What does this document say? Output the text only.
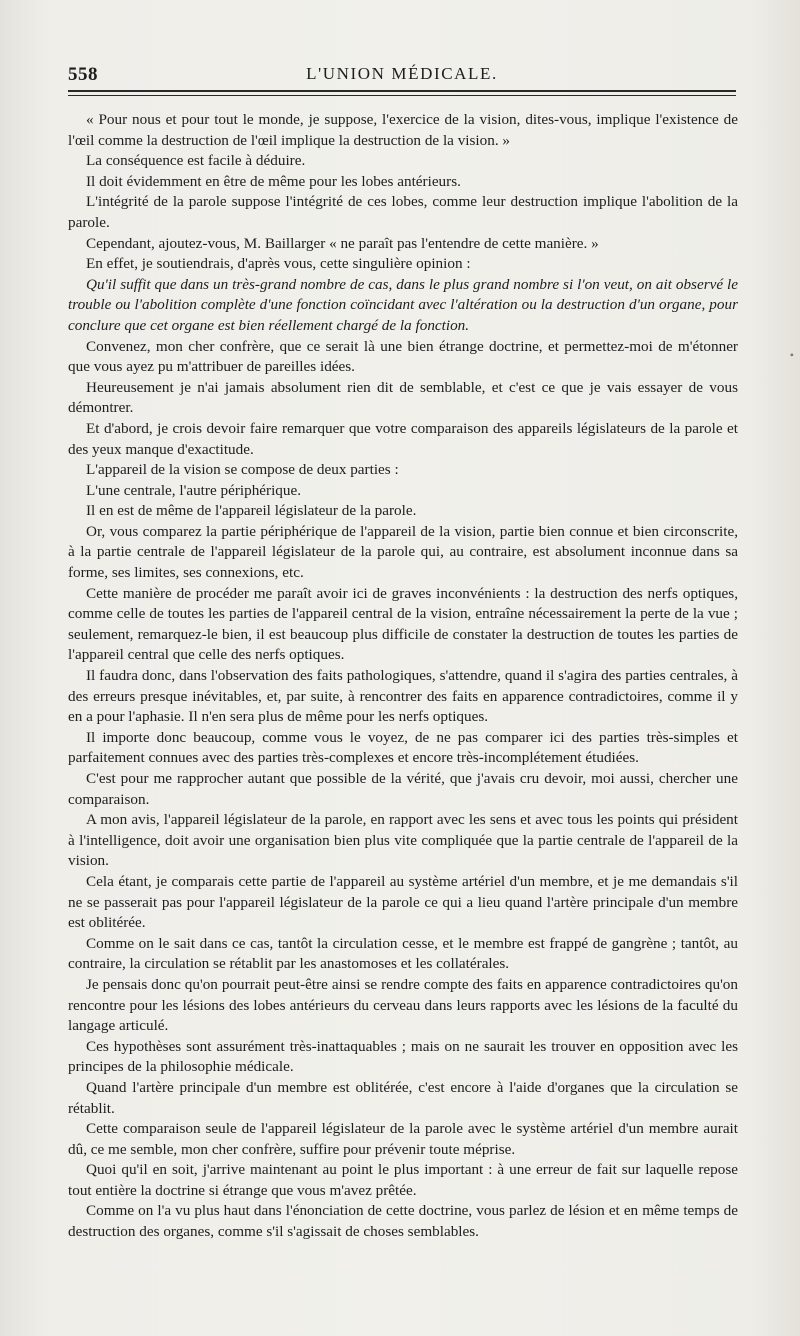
558	L'UNION MÉDICALE.

« Pour nous et pour tout le monde, je suppose, l'exercice de la vision, dites-vous, implique l'existence de l'œil comme la destruction de l'œil implique la destruction de la vision. »

La conséquence est facile à déduire.

Il doit évidemment en être de même pour les lobes antérieurs.

L'intégrité de la parole suppose l'intégrité de ces lobes, comme leur destruction implique l'abolition de la parole.

Cependant, ajoutez-vous, M. Baillarger « ne paraît pas l'entendre de cette manière. »

En effet, je soutiendrais, d'après vous, cette singulière opinion :

Qu'il suffit que dans un très-grand nombre de cas, dans le plus grand nombre si l'on veut, on ait observé le trouble ou l'abolition complète d'une fonction coïncidant avec l'altération ou la destruction d'un organe, pour conclure que cet organe est bien réellement chargé de la fonction.

Convenez, mon cher confrère, que ce serait là une bien étrange doctrine, et permettez-moi de m'étonner que vous ayez pu m'attribuer de pareilles idées.

Heureusement je n'ai jamais absolument rien dit de semblable, et c'est ce que je vais essayer de vous démontrer.

Et d'abord, je crois devoir faire remarquer que votre comparaison des appareils législateurs de la parole et des yeux manque d'exactitude.

L'appareil de la vision se compose de deux parties :

L'une centrale, l'autre périphérique.

Il en est de même de l'appareil législateur de la parole.

Or, vous comparez la partie périphérique de l'appareil de la vision, partie bien connue et bien circonscrite, à la partie centrale de l'appareil législateur de la parole qui, au contraire, est absolument inconnue dans sa forme, ses limites, ses connexions, etc.

Cette manière de procéder me paraît avoir ici de graves inconvénients : la destruction des nerfs optiques, comme celle de toutes les parties de l'appareil central de la vision, entraîne nécessairement la perte de la vue ; seulement, remarquez-le bien, il est beaucoup plus difficile de constater la destruction de toutes les parties de l'appareil central que celle des nerfs optiques.

Il faudra donc, dans l'observation des faits pathologiques, s'attendre, quand il s'agira des parties centrales, à des erreurs presque inévitables, et, par suite, à rencontrer des faits en apparence contradictoires, comme il y en a pour l'aphasie. Il n'en sera plus de même pour les nerfs optiques.

Il importe donc beaucoup, comme vous le voyez, de ne pas comparer ici des parties très-simples et parfaitement connues avec des parties très-complexes et encore très-incomplétement étudiées.

C'est pour me rapprocher autant que possible de la vérité, que j'avais cru devoir, moi aussi, chercher une comparaison.

A mon avis, l'appareil législateur de la parole, en rapport avec les sens et avec tous les points qui président à l'intelligence, doit avoir une organisation bien plus vite compliquée que la partie centrale de l'appareil de la vision.

Cela étant, je comparais cette partie de l'appareil au système artériel d'un membre, et je me demandais s'il ne se passerait pas pour l'appareil législateur de la parole ce qui a lieu quand l'artère principale d'un membre est oblitérée.

Comme on le sait dans ce cas, tantôt la circulation cesse, et le membre est frappé de gangrène ; tantôt, au contraire, la circulation se rétablit par les anastomoses et les collatérales.

Je pensais donc qu'on pourrait peut-être ainsi se rendre compte des faits en apparence contradictoires qu'on rencontre pour les lésions des lobes antérieurs du cerveau dans leurs rapports avec les lésions de la faculté du langage articulé.

Ces hypothèses sont assurément très-inattaquables ; mais on ne saurait les trouver en opposition avec les principes de la philosophie médicale.

Quand l'artère principale d'un membre est oblitérée, c'est encore à l'aide d'organes que la circulation se rétablit.

Cette comparaison seule de l'appareil législateur de la parole avec le système artériel d'un membre aurait dû, ce me semble, mon cher confrère, suffire pour prévenir toute méprise.

Quoi qu'il en soit, j'arrive maintenant au point le plus important : à une erreur de fait sur laquelle repose tout entière la doctrine si étrange que vous m'avez prêtée.

Comme on l'a vu plus haut dans l'énonciation de cette doctrine, vous parlez de lésion et en même temps de destruction des organes, comme s'il s'agissait de choses semblables.

•
